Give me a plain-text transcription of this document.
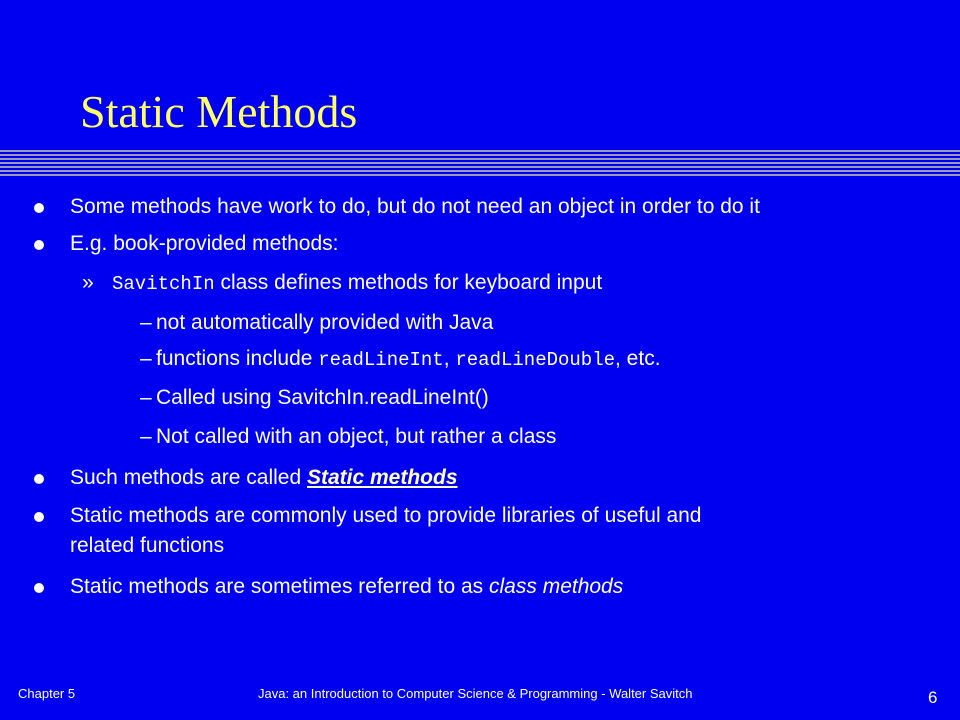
Static Methods
Some methods have work to do, but do not need an object in order to do it
E.g. book-provided methods:
» SavitchIn class defines methods for keyboard input
– not automatically provided with Java
– functions include readLineInt, readLineDouble, etc.
– Called using SavitchIn.readLineInt()
– Not called with an object, but rather a class
Such methods are called Static methods
Static methods are commonly used to provide libraries of useful and
related functions
Static methods are sometimes referred to as class methods
Chapter 5	Java: an Introduction to Computer Science & Programming - Walter Savitch	6
